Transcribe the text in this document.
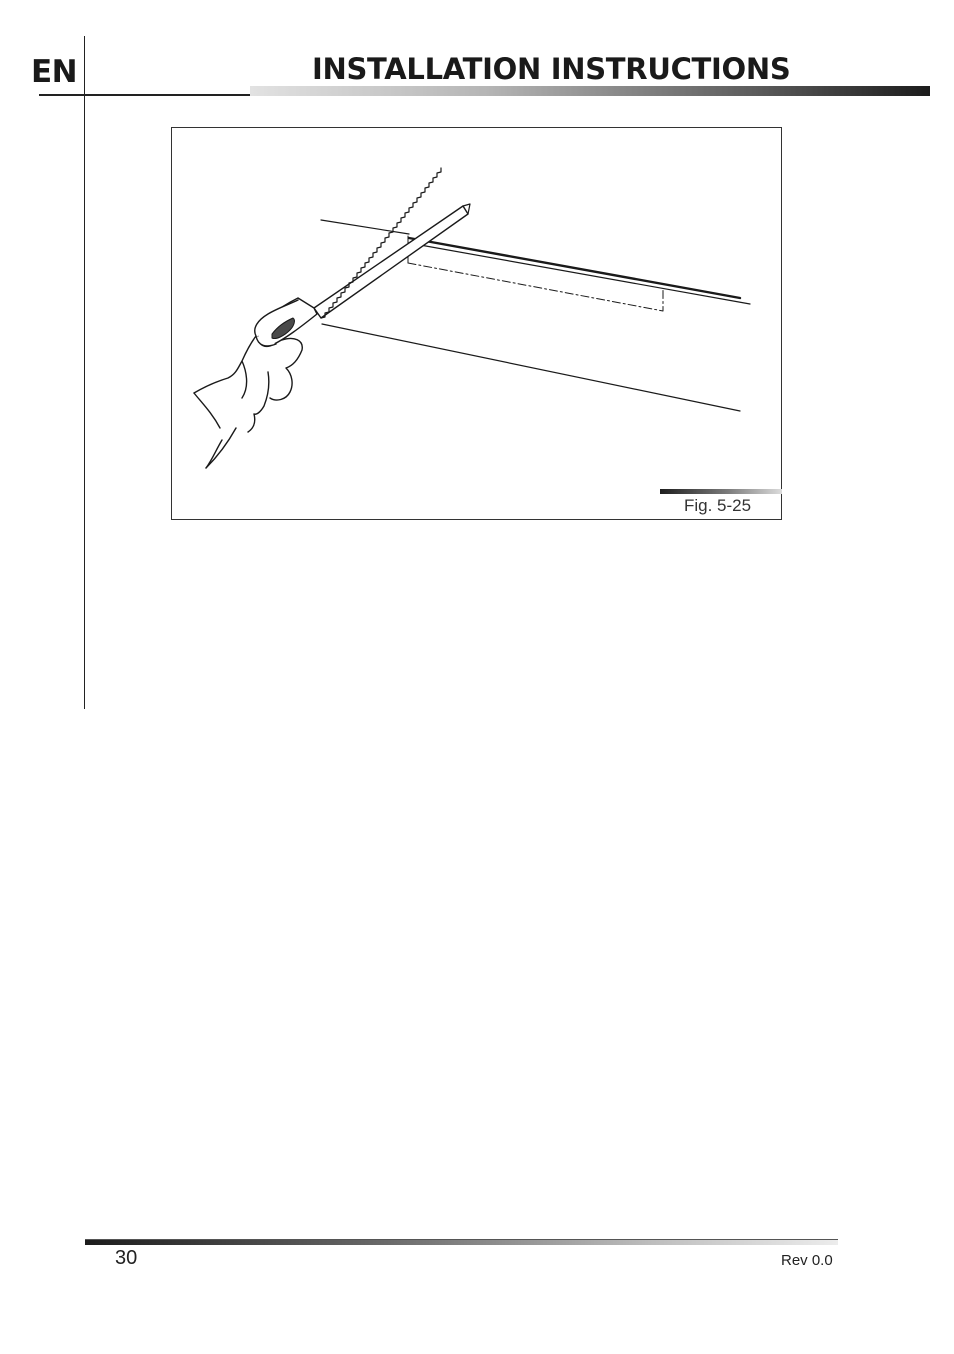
EN	INSTALLATION INSTRUCTIONS
Fig. 5-25
30	Rev 0.0
